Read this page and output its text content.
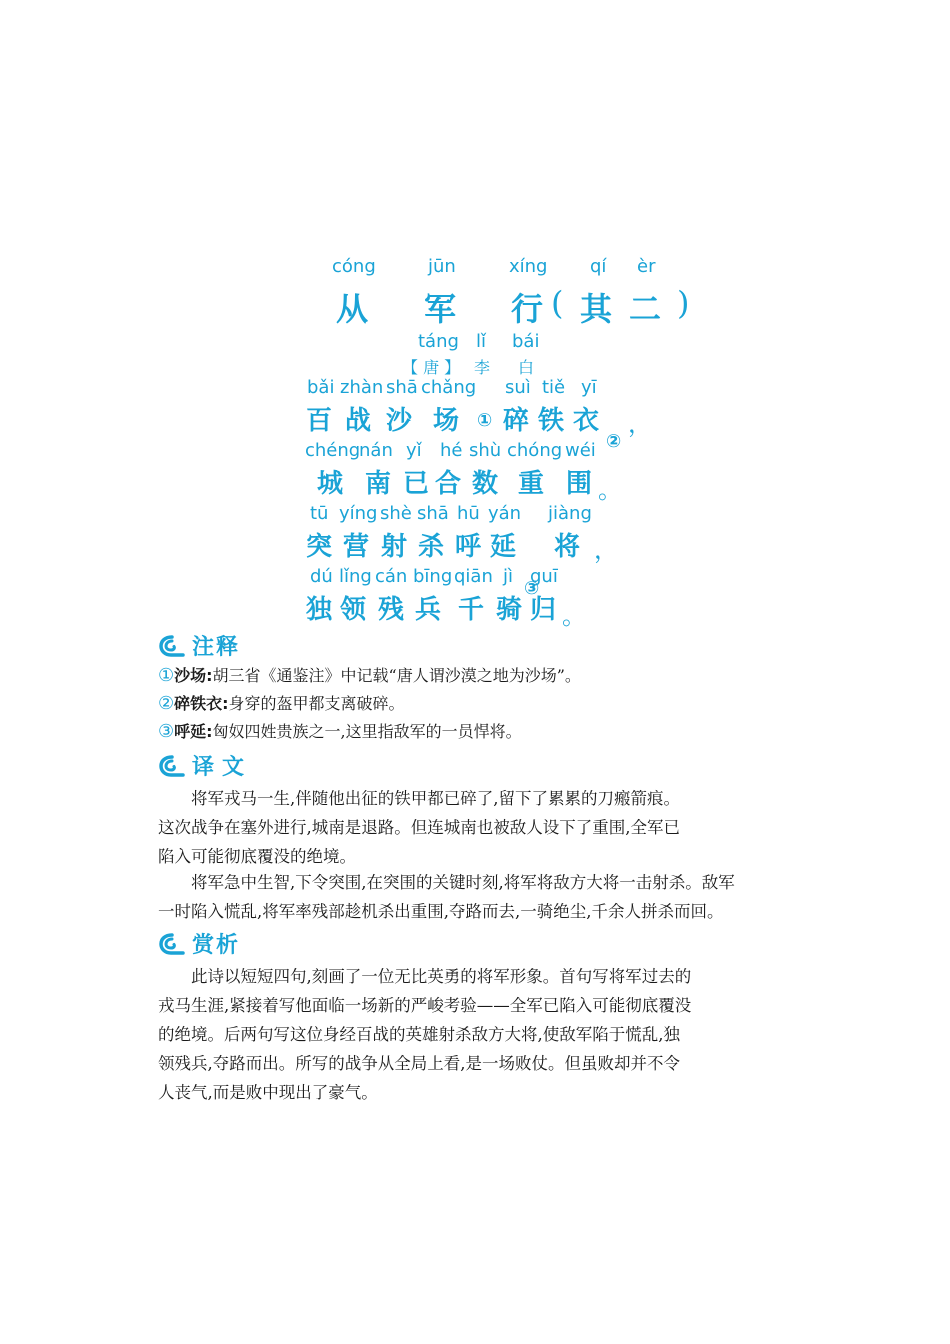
cóng	jūn	xíng qí èr
从 军 行 ( 其 二 )
táng lǐ bái
【 唐 】 李 白
bǎi zhàn shā chǎng suì tiě yī
百 战 沙 场 ① 碎 铁 衣
②
，
chéng
nán yǐ hé shù chóng wéi
城 南 已 合 数 重 围 。
tū yíng shè shā hū yán jiàng
突 营 射 杀 呼 延
③
将 ，
dú lǐng cán bīng qiān jì guī
独 领 残 兵 千 骑 归 。
注释
①沙场:胡三省《通鉴注》中记载“唐人谓沙漠之地为沙场”。
②碎铁衣:身穿的盔甲都支离破碎。
③呼延:匈奴四姓贵族之一,这里指敌军的一员悍将。
译文
　　将军戎马一生,伴随他出征的铁甲都已碎了,留下了累累的刀瘢箭痕。
这次战争在塞外进行,城南是退路。但连城南也被敌人设下了重围,全军已
陷入可能彻底覆没的绝境。
　　将军急中生智,下令突围,在突围的关键时刻,将军将敌方大将一击射杀。敌军
一时陷入慌乱,将军率残部趁机杀出重围,夺路而去,一骑绝尘,千余人拼杀而回。
赏析
　　此诗以短短四句,刻画了一位无比英勇的将军形象。首句写将军过去的
戎马生涯,紧接着写他面临一场新的严峻考验——全军已陷入可能彻底覆没
的绝境。后两句写这位身经百战的英雄射杀敌方大将,使敌军陷于慌乱,独
领残兵,夺路而出。所写的战争从全局上看,是一场败仗。但虽败却并不令
人丧气,而是败中现出了豪气。
